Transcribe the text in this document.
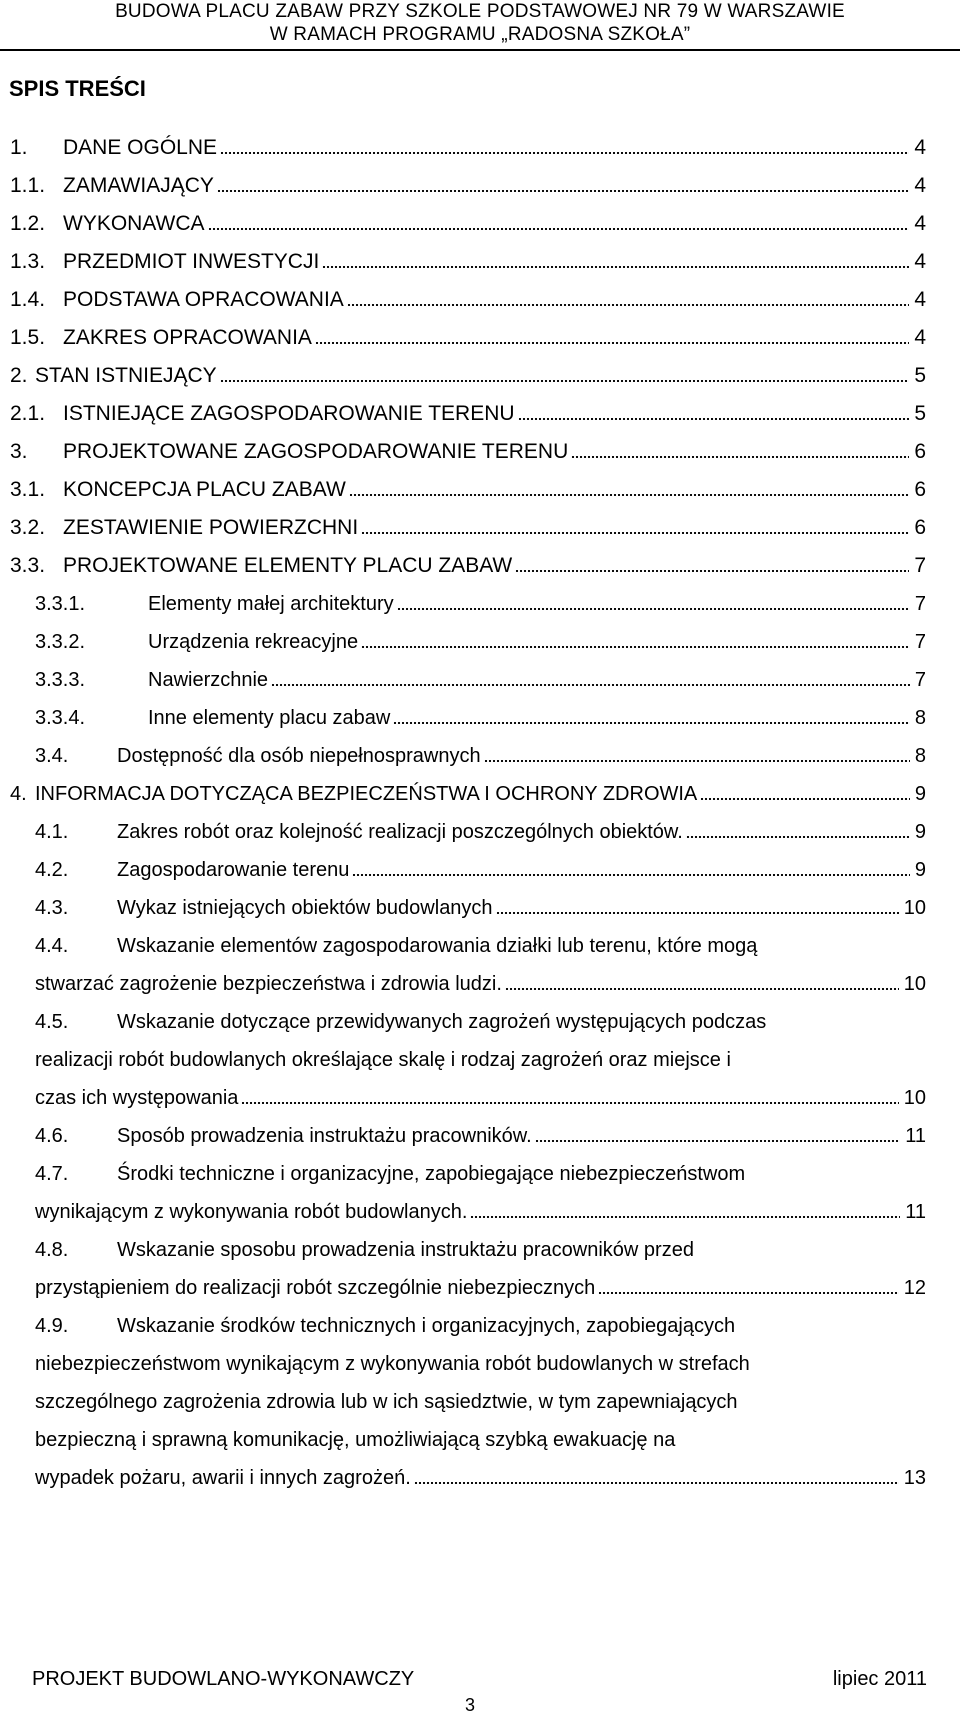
BUDOWA PLACU ZABAW PRZY SZKOLE PODSTAWOWEJ NR 79 W WARSZAWIE
W RAMACH PROGRAMU „RADOSNA SZKOŁA”
SPIS TREŚCI
1. DANE OGÓLNE	4
1.1. ZAMAWIAJĄCY	4
1.2. WYKONAWCA	4
1.3. PRZEDMIOT INWESTYCJI	4
1.4. PODSTAWA OPRACOWANIA	4
1.5. ZAKRES OPRACOWANIA	4
2. STAN ISTNIEJĄCY	5
2.1. ISTNIEJĄCE ZAGOSPODAROWANIE TERENU	5
3. PROJEKTOWANE ZAGOSPODAROWANIE TERENU	6
3.1. KONCEPCJA PLACU ZABAW	6
3.2. ZESTAWIENIE POWIERZCHNI	6
3.3. PROJEKTOWANE ELEMENTY PLACU ZABAW	7
3.3.1.	Elementy małej architektury	7
3.3.2.	Urządzenia rekreacyjne	7
3.3.3.	Nawierzchnie	7
3.3.4.	Inne elementy placu zabaw	8
3.4. Dostępność dla osób niepełnosprawnych	8
4. INFORMACJA DOTYCZĄCA BEZPIECZEŃSTWA I OCHRONY ZDROWIA	9
4.1. Zakres robót oraz kolejność realizacji poszczególnych obiektów.	9
4.2. Zagospodarowanie terenu	9
4.3. Wykaz istniejących obiektów budowlanych	10
4.4. Wskazanie elementów zagospodarowania działki lub terenu, które mogą
stwarzać zagrożenie bezpieczeństwa i zdrowia ludzi.	10
4.5. Wskazanie dotyczące przewidywanych zagrożeń występujących podczas
realizacji robót budowlanych określające skalę i rodzaj zagrożeń oraz miejsce i
czas ich występowania	10
4.6. Sposób prowadzenia instruktażu pracowników.	11
4.7. Środki techniczne i organizacyjne, zapobiegające niebezpieczeństwom
wynikającym z wykonywania robót budowlanych.	11
4.8. Wskazanie sposobu prowadzenia instruktażu pracowników przed
przystąpieniem do realizacji robót szczególnie niebezpiecznych	12
4.9. Wskazanie środków technicznych i organizacyjnych, zapobiegających
niebezpieczeństwom wynikającym z wykonywania robót budowlanych w strefach
szczególnego zagrożenia zdrowia lub w ich sąsiedztwie, w tym zapewniających
bezpieczną i sprawną komunikację, umożliwiającą szybką ewakuację na
wypadek pożaru, awarii i innych zagrożeń.	13
PROJEKT BUDOWLANO-WYKONAWCZY	lipiec 2011
3
